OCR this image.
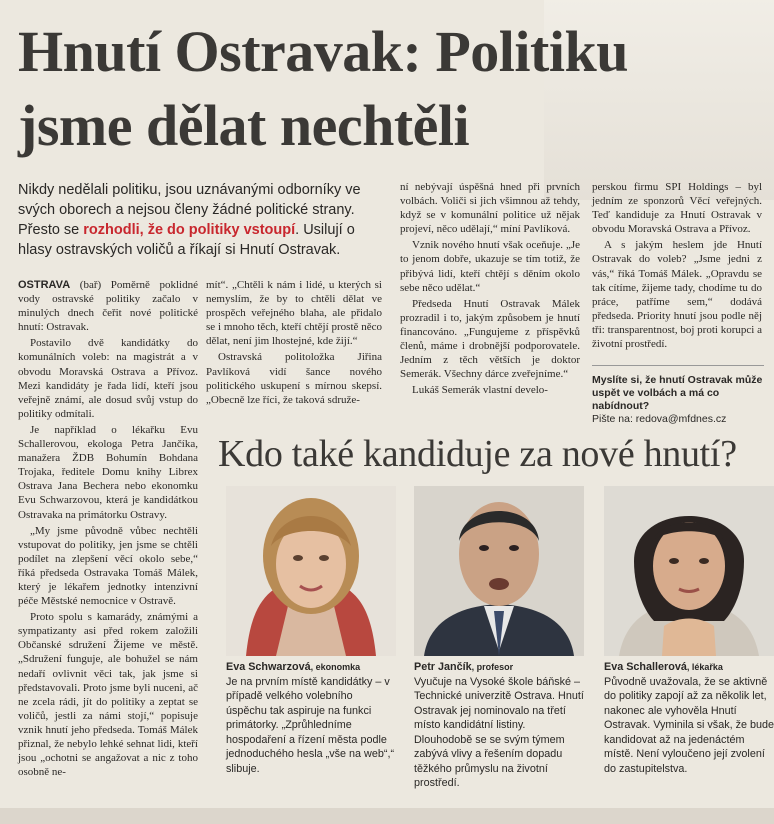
Hnutí Ostravak: Politiku
jsme dělat nechtěli
Nikdy nedělali politiku, jsou uznávanými odborníky ve svých oborech a nejsou členy žádné politické strany. Přesto se rozhodli, že do politiky vstoupí. Usilují o hlasy ostravských voličů a říkají si Hnutí Ostravak.

OSTRAVA (bař) Poměrně poklidné vody ostravské politiky začalo v minulých dnech čeřit nové politické hnutí: Ostravak.

Postavilo dvě kandidátky do komunálních voleb: na magistrát a v obvodu Moravská Ostrava a Přívoz. Mezi kandidáty je řada lidí, kteří jsou veřejně známí, ale dosud svůj vstup do politiky odmítali.

Je například o lékařku Evu Schallerovou, ekologa Petra Jančíka, manažera ŽDB Bohumín Bohdana Trojaka, ředitele Domu knihy Librex Ostrava Jana Bechera nebo ekonomku Evu Schwarzovou, která je kandidátkou Ostravaka na primátorku Ostravy.

„My jsme původně vůbec nechtěli vstupovat do politiky, jen jsme se chtěli podílet na zlepšení věcí okolo sebe,“ říká předseda Ostravaka Tomáš Málek, který je lékařem jednotky intenzivní péče Městské nemocnice v Ostravě.

Proto spolu s kamarády, známými a sympatizanty asi před rokem založili Občanské sdružení Žijeme ve městě. „Sdružení funguje, ale bohužel se nám nedaří ovlivnit věci tak, jak jsme si představovali. Proto jsme byli nuceni, ač ne zcela rádi, jít do politiky a zeptat se voličů, jestli za námi stojí,“ popisuje vznik hnutí jeho předseda. Tomáš Málek přiznal, že nebylo lehké sehnat lidi, kteří jsou „ochotni se angažovat a nic z toho osobně ne-

mít“. „Chtěli k nám i lidé, u kterých si nemyslím, že by to chtěli dělat ve prospěch veřejného blaha, ale přidalo se i mnoho těch, kteří chtějí prostě něco dělat, není jim lhostejné, kde žijí.“

Ostravská politoložka Jiřina Pavlíková vidí šance nového politického uskupení s mírnou skepsí. „Obecně lze říci, že taková sdruže-

ní nebývají úspěšná hned při prvních volbách. Voliči si jich všimnou až tehdy, když se v komunální politice už nějak projeví, něco udělají,“ míní Pavlíková.

Vznik nového hnutí však oceňuje. „Je to jenom dobře, ukazuje se tím totiž, že přibývá lidí, kteří chtějí s děním okolo sebe něco udělat.“

Předseda Hnutí Ostravak Málek prozradil i to, jakým způsobem je hnutí financováno. „Fungujeme z příspěvků členů, máme i drobnější podporovatele. Jedním z těch větších je doktor Semerák. Všechny dárce zveřejníme.“

Lukáš Semerák vlastní develo-

perskou firmu SPI Holdings – byl jedním ze sponzorů Věcí veřejných. Teď kandiduje za Hnutí Ostravak v obvodu Moravská Ostrava a Přívoz.

A s jakým heslem jde Hnutí Ostravak do voleb? „Jsme jedni z vás,“ říká Tomáš Málek. „Opravdu se tak cítíme, žijeme tady, chodíme tu do práce, patříme sem,“ dodává předseda. Priority hnutí jsou podle něj tři: transparentnost, boj proti korupci a životní prostředí.

Myslíte si, že hnutí Ostravak může uspět ve volbách a má co nabídnout?
Pište na: redova@mfdnes.cz
Kdo také kandiduje za nové hnutí?
Eva Schwarzová, ekonomka
Je na prvním místě kandidátky – v případě velkého volebního úspěchu tak aspiruje na funkci primátorky. „Zprůhledníme hospodaření a řízení města podle jednoduchého hesla „vše na web“,“ slibuje.
Petr Jančík, profesor
Vyučuje na Vysoké škole báňské – Technické univerzitě Ostrava. Hnutí Ostravak jej nominovalo na třetí místo kandidátní listiny. Dlouhodobě se se svým týmem zabývá vlivy a řešením dopadu těžkého průmyslu na životní prostředí.
Eva Schallerová, lékařka
Původně uvažovala, že se aktivně do politiky zapojí až za několik let, nakonec ale vyhověla Hnutí Ostravak. Vyminila si však, že bude kandidovat až na jedenáctém místě. Není vyloučeno její zvolení do zastupitelstva.
